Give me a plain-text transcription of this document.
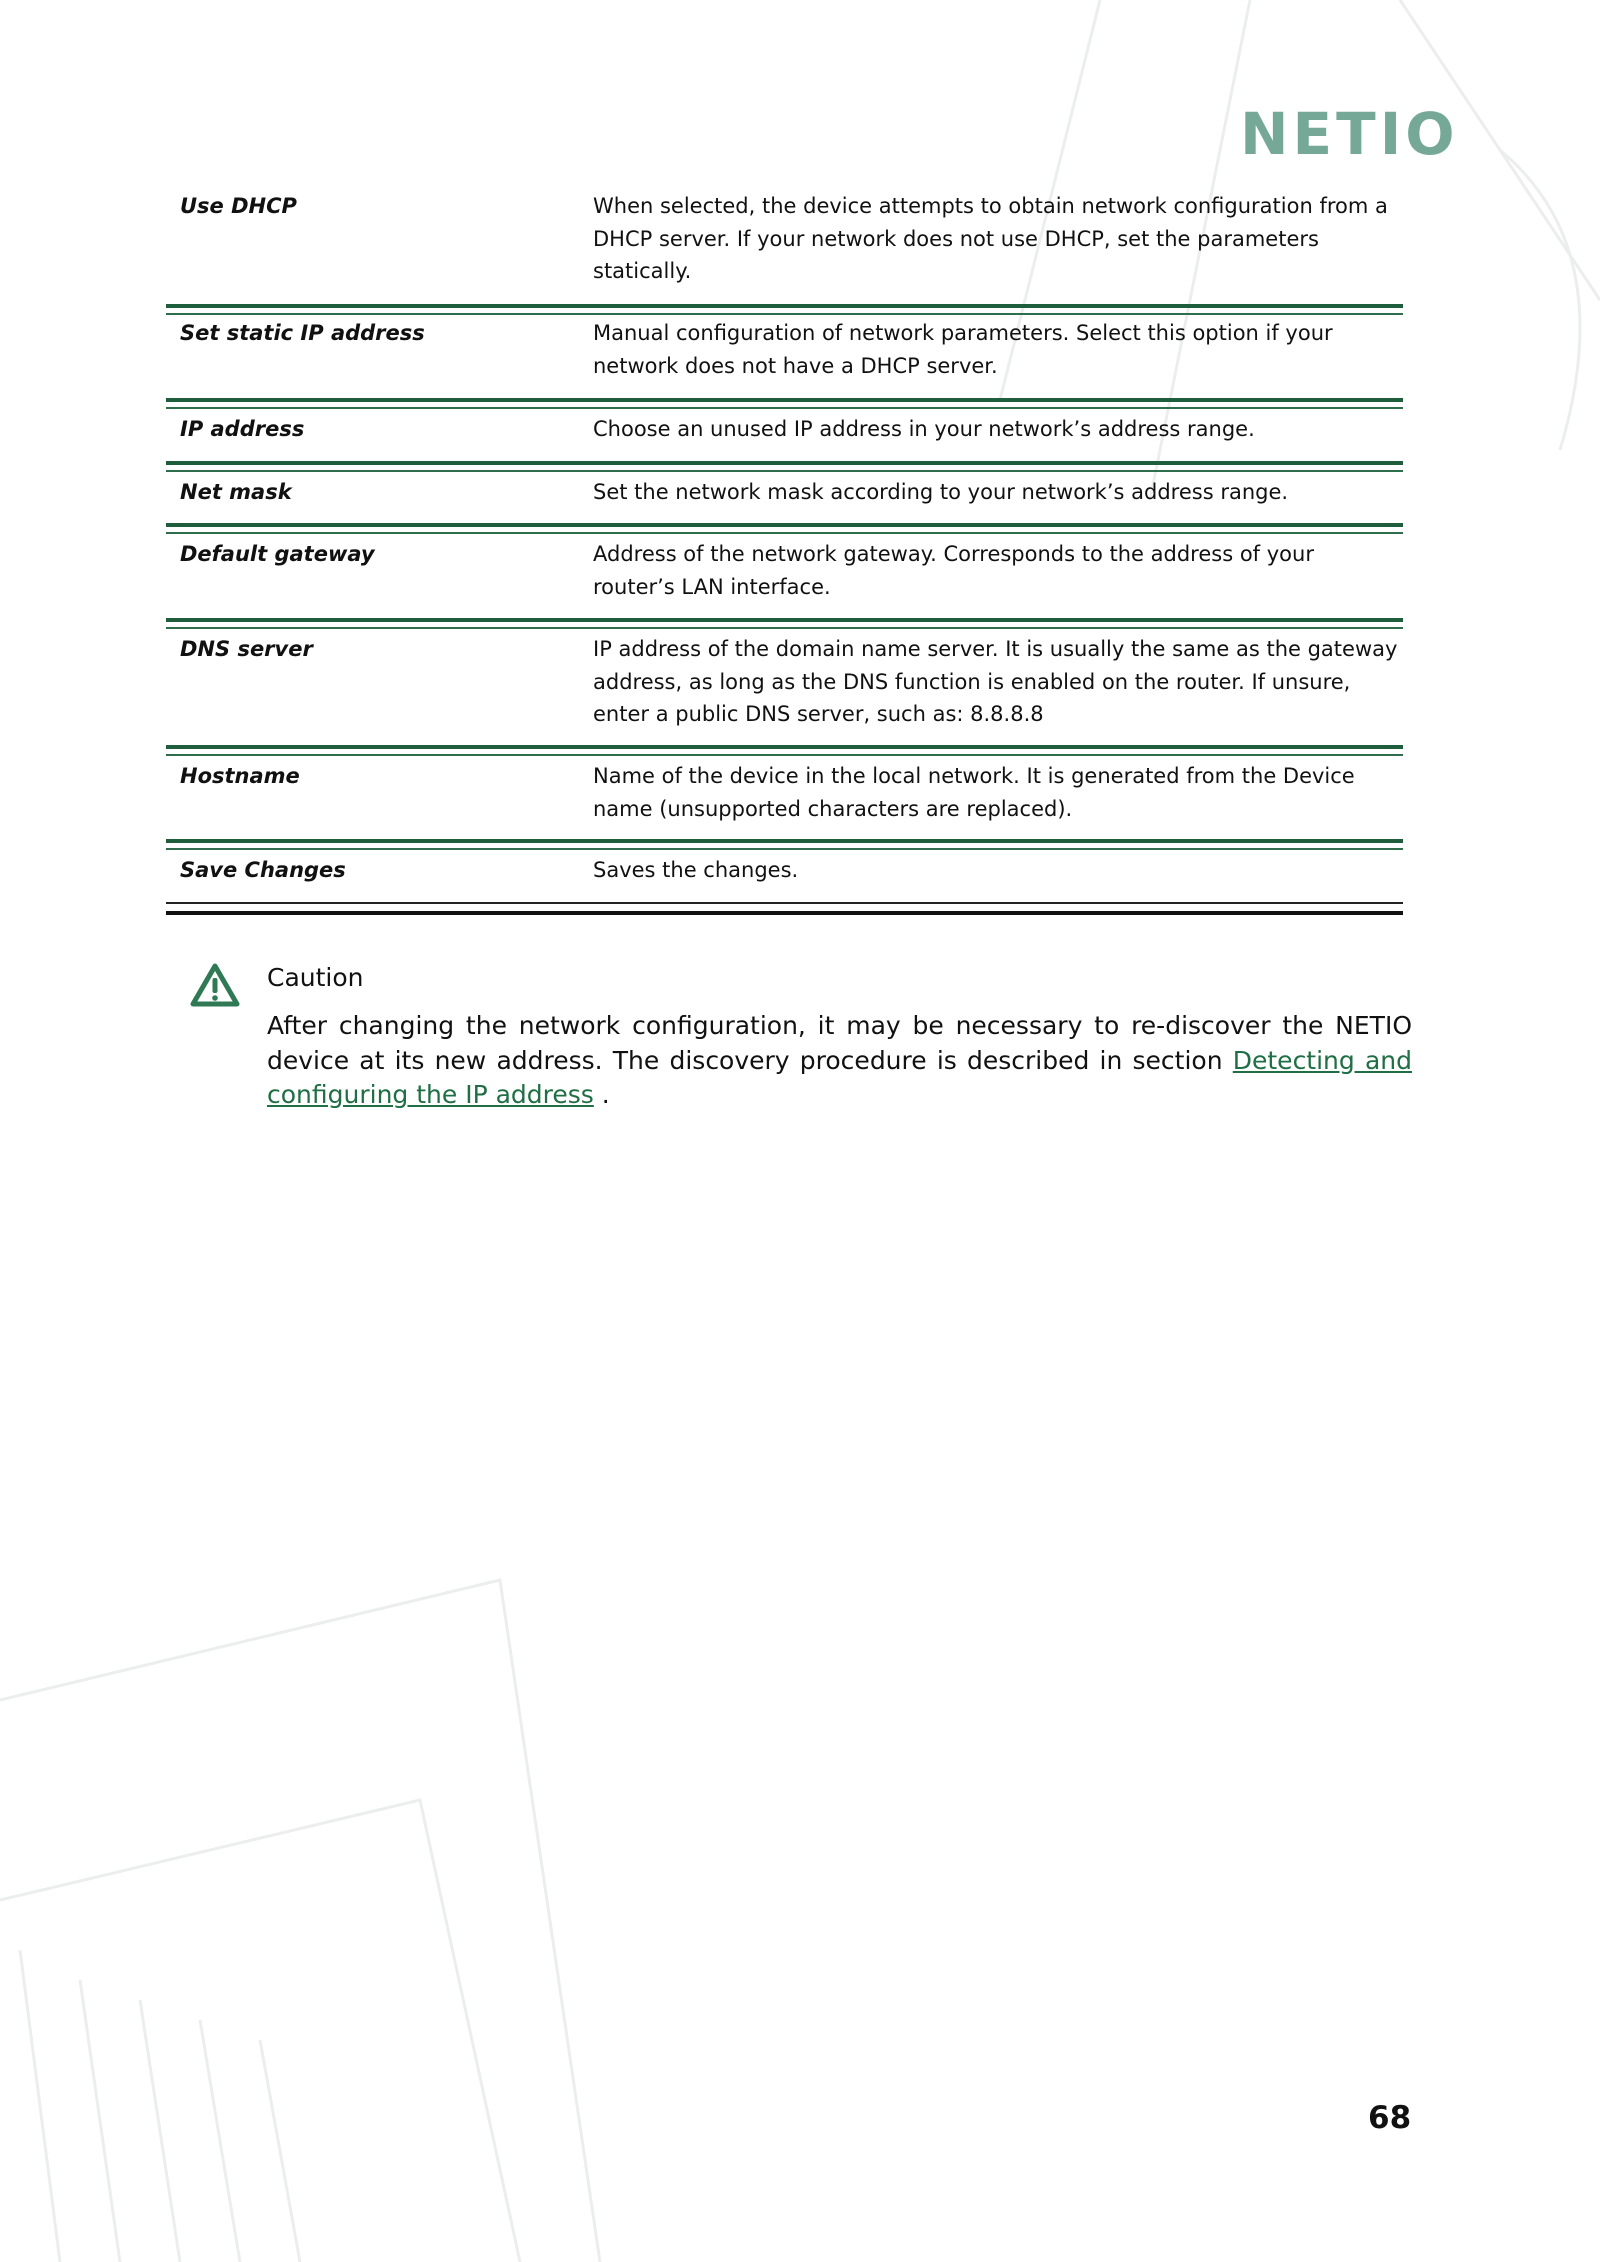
NETIO
Use DHCP	When selected, the device attempts to obtain network configuration from a DHCP server. If your network does not use DHCP, set the parameters statically.
Set static IP address	Manual configuration of network parameters. Select this option if your network does not have a DHCP server.
IP address	Choose an unused IP address in your network’s address range.
Net mask	Set the network mask according to your network’s address range.
Default gateway	Address of the network gateway. Corresponds to the address of your router’s LAN interface.
DNS server	IP address of the domain name server. It is usually the same as the gateway address, as long as the DNS function is enabled on the router. If unsure, enter a public DNS server, such as: 8.8.8.8
Hostname	Name of the device in the local network. It is generated from the Device name (unsupported characters are replaced).
Save Changes	Saves the changes.
Caution
After changing the network configuration, it may be necessary to re-discover the NETIO device at its new address. The discovery procedure is described in section Detecting and configuring the IP address .
68
